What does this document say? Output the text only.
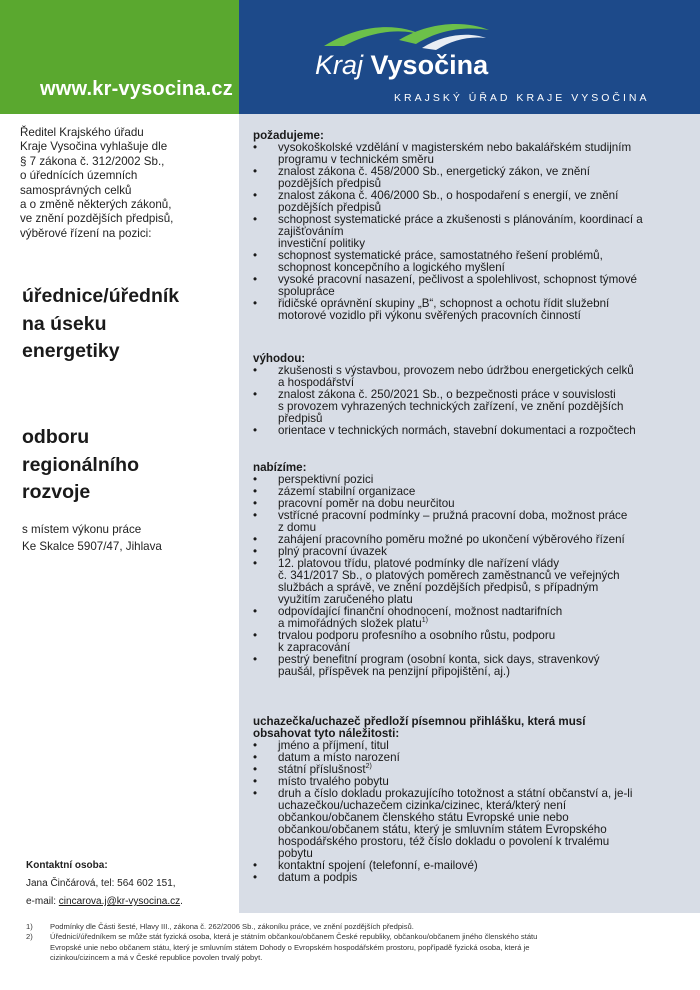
www.kr-vysocina.cz
Kraj Vysočina
KRAJSKÝ ÚŘAD KRAJE VYSOČINA
Ředitel Krajského úřadu
Kraje Vysočina vyhlašuje dle
§ 7 zákona č. 312/2002 Sb.,
o úřednících územních
samosprávných celků
a o změně některých zákonů,
ve znění pozdějších předpisů,
výběrové řízení na pozici:
úřednice/úředník
na úseku
energetiky
odboru
regionálního
rozvoje
s místem výkonu práce
Ke Skalce 5907/47, Jihlava
Kontaktní osoba:
Jana Činčárová, tel: 564 602 151,
e-mail: cincarova.j@kr-vysocina.cz.
požadujeme:
• vysokoškolské vzdělání v magisterském nebo bakalářském studijním
programu v technickém směru
• znalost zákona č. 458/2000 Sb., energetický zákon, ve znění
pozdějších předpisů
• znalost zákona č. 406/2000 Sb., o hospodaření s energií, ve znění
pozdějších předpisů
• schopnost systematické práce a zkušenosti s plánováním, koordinací a zajišťováním
investiční politiky
• schopnost systematické práce, samostatného řešení problémů,
schopnost koncepčního a logického myšlení
• vysoké pracovní nasazení, pečlivost a spolehlivost, schopnost týmové
spolupráce
• řidičské oprávnění skupiny „B“, schopnost a ochotu řídit služební
motorové vozidlo při výkonu svěřených pracovních činností
výhodou:
• zkušenosti s výstavbou, provozem nebo údržbou energetických celků
a hospodářství
• znalost zákona č. 250/2021 Sb., o bezpečnosti práce v souvislosti
s provozem vyhrazených technických zařízení, ve znění pozdějších
předpisů
• orientace v technických normách, stavební dokumentaci a rozpočtech
nabízíme:
• perspektivní pozici
• zázemí stabilní organizace
• pracovní poměr na dobu neurčitou
• vstřícné pracovní podmínky – pružná pracovní doba, možnost práce
z domu
• zahájení pracovního poměru možné po ukončení výběrového řízení
• plný pracovní úvazek
• 12. platovou třídu, platové podmínky dle nařízení vlády
č. 341/2017 Sb., o platových poměrech zaměstnanců ve veřejných
službách a správě, ve znění pozdějších předpisů, s případným
využitím zaručeného platu
• odpovídající finanční ohodnocení, možnost nadtarifních
a mimořádných složek platu$^{1)}$
• trvalou podporu profesního a osobního růstu, podporu
k zapracování
• pestrý benefitní program (osobní konta, sick days, stravenkový
paušál, příspěvek na penzijní připojištění, aj.)
uchazečka/uchazeč předloží písemnou přihlášku, která musí
obsahovat tyto náležitosti:
• jméno a příjmení, titul
• datum a místo narození
• státní příslušnost$^{2)}$
• místo trvalého pobytu
• druh a číslo dokladu prokazujícího totožnost a státní občanství a, je-li
uchazečkou/uchazečem cizinka/cizinec, která/který není
občankou/občanem členského státu Evropské unie nebo
občankou/občanem státu, který je smluvním státem Evropského
hospodářského prostoru, též číslo dokladu o povolení k trvalému
pobytu
• kontaktní spojení (telefonní, e-mailové)
• datum a podpis
1) Podmínky dle Části šesté, Hlavy III., zákona č. 262/2006 Sb., zákoníku práce, ve znění pozdějších předpisů.
2) Úřednicí/úředníkem se může stát fyzická osoba, která je státním občankou/občanem České republiky, občankou/občanem jiného členského státu
Evropské unie nebo občanem státu, který je smluvním státem Dohody o Evropském hospodářském prostoru, popřípadě fyzická osoba, která je
cizinkou/cizincem a má v České republice povolen trvalý pobyt.
